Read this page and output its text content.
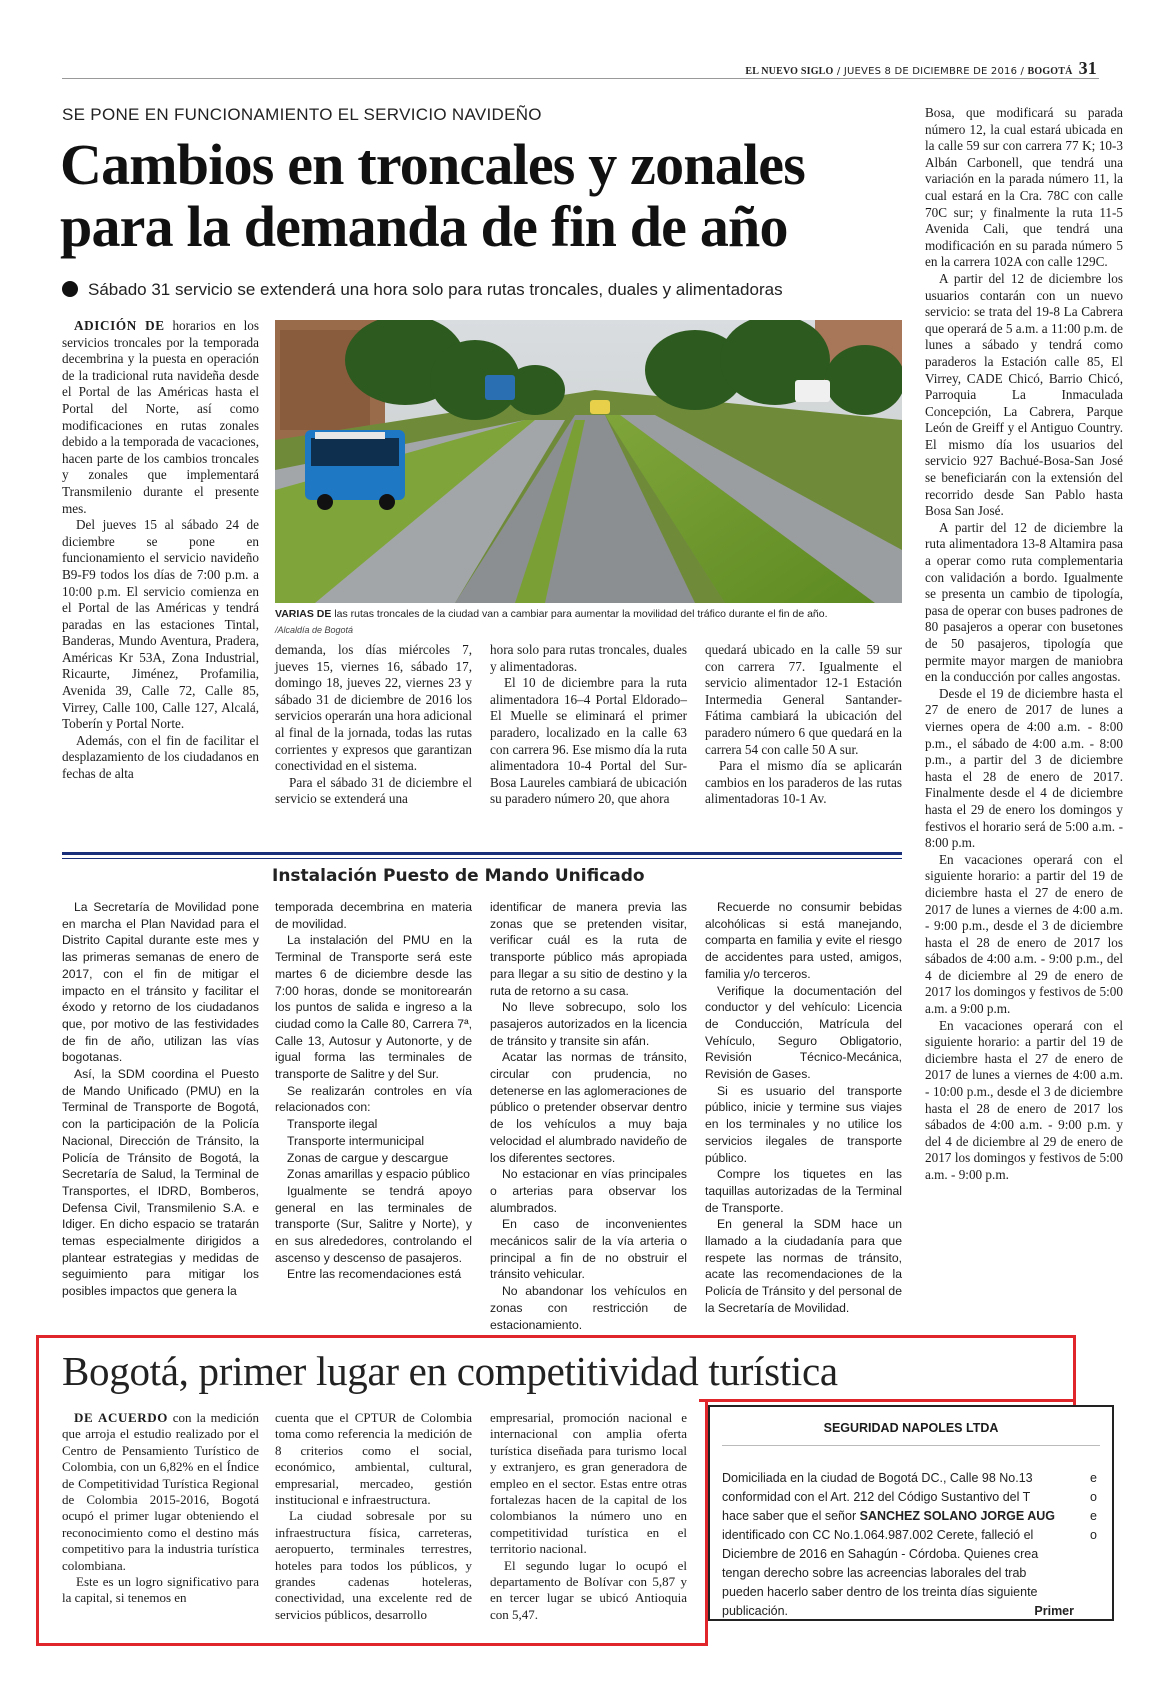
EL NUEVO SIGLO / JUEVES 8 DE DICIEMBRE DE 2016 / BOGOTÁ 31
SE PONE EN FUNCIONAMIENTO EL SERVICIO NAVIDEÑO
Cambios en troncales y zonales
para la demanda de fin de año
Sábado 31 servicio se extenderá una hora solo para rutas troncales, duales y alimentadoras

ADICIÓN DE horarios en los servicios troncales por la temporada decembrina y la puesta en operación de la tradicional ruta navideña desde el Portal de las Américas hasta el Portal del Norte, así como modificaciones en rutas zonales debido a la temporada de vacaciones, hacen parte de los cambios troncales y zonales que implementará Transmilenio durante el presente mes.

Del jueves 15 al sábado 24 de diciembre se pone en funcionamiento el servicio navideño B9-F9 todos los días de 7:00 p.m. a 10:00 p.m. El servicio comienza en el Portal de las Américas y tendrá paradas en las estaciones Tintal, Banderas, Mundo Aventura, Pradera, Américas Kr 53A, Zona Industrial, Ricaurte, Jiménez, Profamilia, Avenida 39, Calle 72, Calle 85, Virrey, Calle 100, Calle 127, Alcalá, Toberín y Portal Norte.

Además, con el fin de facilitar el desplazamiento de los ciudadanos en fechas de alta

VARIAS DE las rutas troncales de la ciudad van a cambiar para aumentar la movilidad del tráfico durante el fin de año.
/Alcaldía de Bogotá

demanda, los días miércoles 7, jueves 15, viernes 16, sábado 17, domingo 18, jueves 22, viernes 23 y sábado 31 de diciembre de 2016 los servicios operarán una hora adicional al final de la jornada, todas las rutas corrientes y expresos que garantizan conectividad en el sistema.

Para el sábado 31 de diciembre el servicio se extenderá una

hora solo para rutas troncales, duales y alimentadoras.

El 10 de diciembre para la ruta alimentadora 16–4 Portal Eldorado–El Muelle se eliminará el primer paradero, localizado en la calle 63 con carrera 96. Ese mismo día la ruta alimentadora 10-4 Portal del Sur-Bosa Laureles cambiará de ubicación su paradero número 20, que ahora

quedará ubicado en la calle 59 sur con carrera 77. Igualmente el servicio alimentador 12-1 Estación Intermedia General Santander-Fátima cambiará la ubicación del paradero número 6 que quedará en la carrera 54 con calle 50 A sur.

Para el mismo día se aplicarán cambios en los paraderos de las rutas alimentadoras 10-1 Av.

Bosa, que modificará su parada número 12, la cual estará ubicada en la calle 59 sur con carrera 77 K; 10-3 Albán Carbonell, que tendrá una variación en la parada número 11, la cual estará en la Cra. 78C con calle 70C sur; y finalmente la ruta 11-5 Avenida Cali, que tendrá una modificación en su parada número 5 en la carrera 102A con calle 129C.

A partir del 12 de diciembre los usuarios contarán con un nuevo servicio: se trata del 19-8 La Cabrera que operará de 5 a.m. a 11:00 p.m. de lunes a sábado y tendrá como paraderos la Estación calle 85, El Virrey, CADE Chicó, Barrio Chicó, Parroquia La Inmaculada Concepción, La Cabrera, Parque León de Greiff y el Antiguo Country. El mismo día los usuarios del servicio 927 Bachué-Bosa-San José se beneficiarán con la extensión del recorrido desde San Pablo hasta Bosa San José.

A partir del 12 de diciembre la ruta alimentadora 13-8 Altamira pasa a operar como ruta complementaria con validación a bordo. Igualmente se presenta un cambio de tipología, pasa de operar con buses padrones de 80 pasajeros a operar con busetones de 50 pasajeros, tipología que permite mayor margen de maniobra en la conducción por calles angostas.

Desde el 19 de diciembre hasta el 27 de enero de 2017 de lunes a viernes opera de 4:00 a.m. - 8:00 p.m., el sábado de 4:00 a.m. - 8:00 p.m., a partir del 3 de diciembre hasta el 28 de enero de 2017. Finalmente desde el 4 de diciembre hasta el 29 de enero los domingos y festivos el horario será de 5:00 a.m. - 8:00 p.m.

En vacaciones operará con el siguiente horario: a partir del 19 de diciembre hasta el 27 de enero de 2017 de lunes a viernes de 4:00 a.m. - 9:00 p.m., desde el 3 de diciembre hasta el 28 de enero de 2017 los sábados de 4:00 a.m. - 9:00 p.m., del 4 de diciembre al 29 de enero de 2017 los domingos y festivos de 5:00 a.m. a 9:00 p.m.

En vacaciones operará con el siguiente horario: a partir del 19 de diciembre hasta el 27 de enero de 2017 de lunes a viernes de 4:00 a.m. - 10:00 p.m., desde el 3 de diciembre hasta el 28 de enero de 2017 los sábados de 4:00 a.m. - 9:00 p.m. y del 4 de diciembre al 29 de enero de 2017 los domingos y festivos de 5:00 a.m. - 9:00 p.m.

Instalación Puesto de Mando Unificado

La Secretaría de Movilidad pone en marcha el Plan Navidad para el Distrito Capital durante este mes y las primeras semanas de enero de 2017, con el fin de mitigar el impacto en el tránsito y facilitar el éxodo y retorno de los ciudadanos que, por motivo de las festividades de fin de año, utilizan las vías bogotanas.

Así, la SDM coordina el Puesto de Mando Unificado (PMU) en la Terminal de Transporte de Bogotá, con la participación de la Policía Nacional, Dirección de Tránsito, la Policía de Tránsito de Bogotá, la Secretaría de Salud, la Terminal de Transportes, el IDRD, Bomberos, Defensa Civil, Transmilenio S.A. e Idiger. En dicho espacio se tratarán temas especialmente dirigidos a plantear estrategias y medidas de seguimiento para mitigar los posibles impactos que genera la

temporada decembrina en materia de movilidad.

La instalación del PMU en la Terminal de Transporte será este martes 6 de diciembre desde las 7:00 horas, donde se monitorearán los puntos de salida e ingreso a la ciudad como la Calle 80, Carrera 7ª, Calle 13, Autosur y Autonorte, y de igual forma las terminales de transporte de Salitre y del Sur.

Se realizarán controles en vía relacionados con:

Transporte ilegal
Transporte intermunicipal
Zonas de cargue y descargue
Zonas amarillas y espacio público

Igualmente se tendrá apoyo general en las terminales de transporte (Sur, Salitre y Norte), y en sus alrededores, controlando el ascenso y descenso de pasajeros.

Entre las recomendaciones está

identificar de manera previa las zonas que se pretenden visitar, verificar cuál es la ruta de transporte público más apropiada para llegar a su sitio de destino y la ruta de retorno a su casa.

No lleve sobrecupo, solo los pasajeros autorizados en la licencia de tránsito y transite sin afán.

Acatar las normas de tránsito, circular con prudencia, no detenerse en las aglomeraciones de público o pretender observar dentro de los vehículos a muy baja velocidad el alumbrado navideño de los diferentes sectores.

No estacionar en vías principales o arterias para observar los alumbrados.

En caso de inconvenientes mecánicos salir de la vía arteria o principal a fin de no obstruir el tránsito vehicular.

No abandonar los vehículos en zonas con restricción de estacionamiento.

Recuerde no consumir bebidas alcohólicas si está manejando, comparta en familia y evite el riesgo de accidentes para usted, amigos, familia y/o terceros.

Verifique la documentación del conductor y del vehículo: Licencia de Conducción, Matrícula del Vehículo, Seguro Obligatorio, Revisión Técnico-Mecánica, Revisión de Gases.

Si es usuario del transporte público, inicie y termine sus viajes en los terminales y no utilice los servicios ilegales de transporte público.

Compre los tiquetes en las taquillas autorizadas de la Terminal de Transporte.

En general la SDM hace un llamado a la ciudadanía para que respete las normas de tránsito, acate las recomendaciones de la Policía de Tránsito y del personal de la Secretaría de Movilidad.

Bogotá, primer lugar en competitividad turística

DE ACUERDO con la medición que arroja el estudio realizado por el Centro de Pensamiento Turístico de Colombia, con un 6,82% en el Índice de Competitividad Turística Regional de Colombia 2015-2016, Bogotá ocupó el primer lugar obteniendo el reconocimiento como el destino más competitivo para la industria turística colombiana.

Este es un logro significativo para la capital, si tenemos en

cuenta que el CPTUR de Colombia toma como referencia la medición de 8 criterios como el social, económico, ambiental, cultural, empresarial, mercadeo, gestión institucional e infraestructura.

La ciudad sobresale por su infraestructura física, carreteras, aeropuerto, terminales terrestres, hoteles para todos los públicos, y grandes cadenas hoteleras, conectividad, una excelente red de servicios públicos, desarrollo

empresarial, promoción nacional e internacional con amplia oferta turística diseñada para turismo local y extranjero, es gran generadora de empleo en el sector. Estas entre otras fortalezas hacen de la capital de los colombianos la número uno en competitividad turística en el territorio nacional.

El segundo lugar lo ocupó el departamento de Bolívar con 5,87 y en tercer lugar se ubicó Antioquia con 5,47.

SEGURIDAD NAPOLES LTDA
Domiciliada en la ciudad de Bogotá DC., Calle 98 No.13
conformidad con el Art. 212 del Código Sustantivo del T
hace saber que el señor SANCHEZ SOLANO JORGE AUG
identificado con CC No.1.064.987.002 Cerete, falleció el
Diciembre de 2016 en Sahagún - Córdoba. Quienes crea
tengan derecho sobre las acreencias laborales del trab
pueden hacerlo saber dentro de los treinta días siguiente
publicación.	Primer
e
o
e
o
